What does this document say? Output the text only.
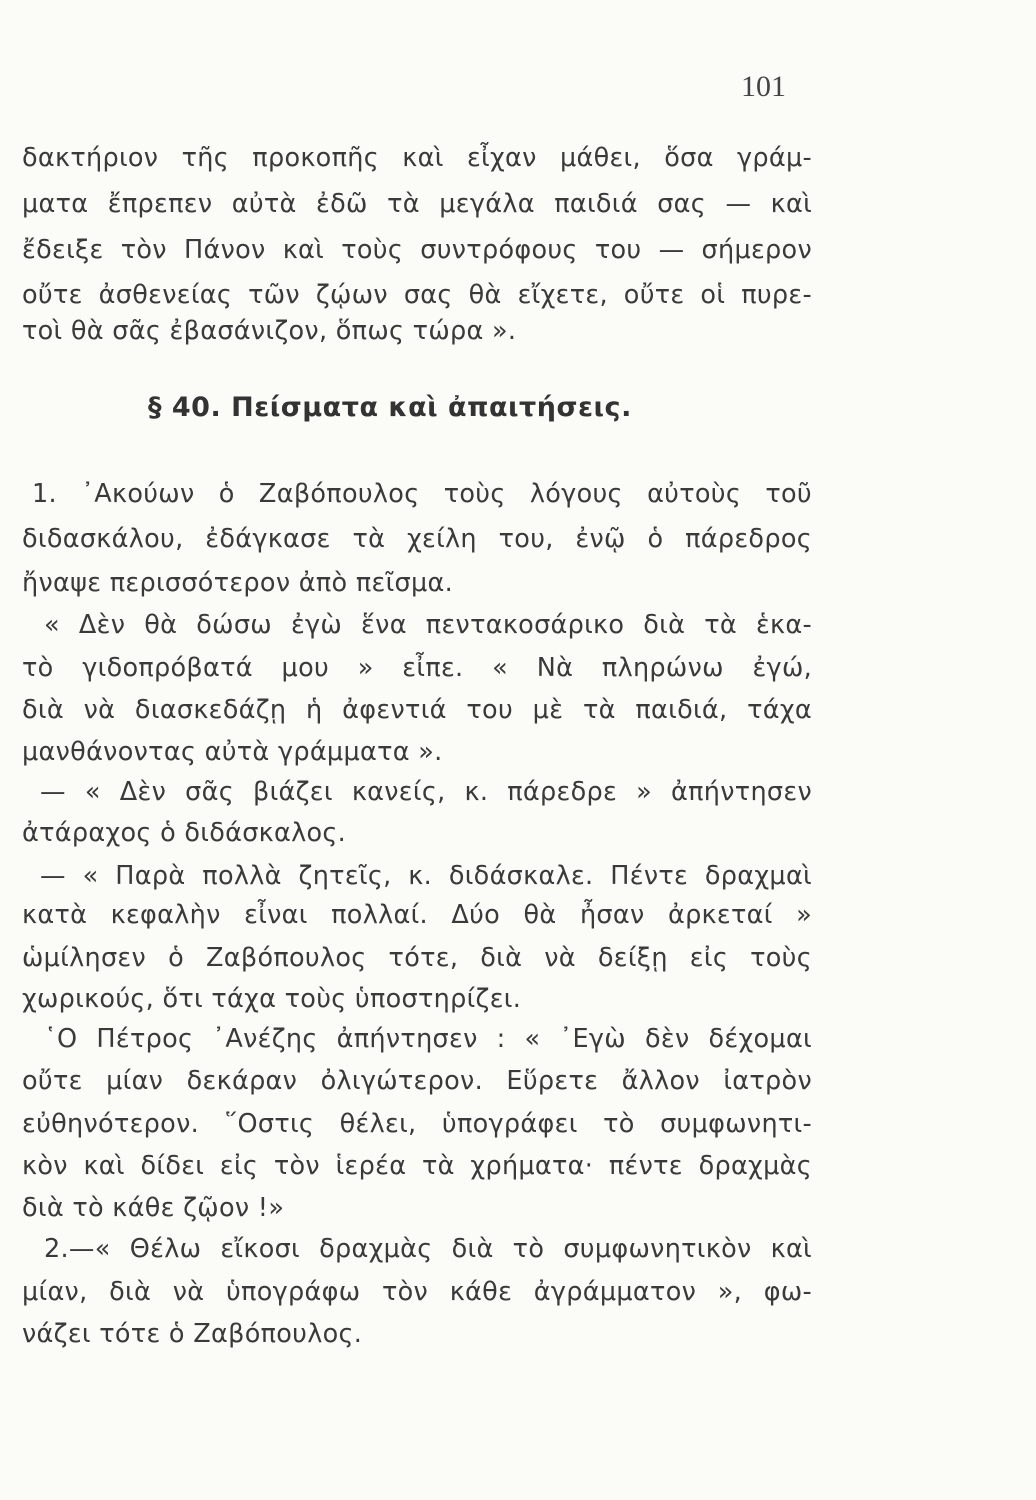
101
δακτήριον τῆς προκοπῆς καὶ εἶχαν μάθει, ὅσα γράμ-
ματα ἔπρεπεν αὐτὰ ἐδῶ τὰ μεγάλα παιδιά σας — καὶ
ἔδειξε τὸν Πάνον καὶ τοὺς συντρόφους του — σήμερον
οὔτε ἀσθενείας τῶν ζῴων σας θὰ εἴχετε, οὔτε οἱ πυρε-
τοὶ θὰ σᾶς ἐβασάνιζον, ὅπως τώρα ».
§ 40. Πείσματα καὶ ἀπαιτήσεις.
1. ᾿Ακούων ὁ Ζαβόπουλος τοὺς λόγους αὐτοὺς τοῦ
διδασκάλου, ἐδάγκασε τὰ χείλη του, ἐνῷ ὁ πάρεδρος
ἤναψε περισσότερον ἀπὸ πεῖσμα.
« Δὲν θὰ δώσω ἐγὼ ἕνα πεντακοσάρικο διὰ τὰ ἑκα-
τὸ γιδοπρόβατά μου » εἶπε. « Νὰ πληρώνω ἐγώ,
διὰ νὰ διασκεδάζῃ ἡ ἀφεντιά του μὲ τὰ παιδιά, τάχα
μανθάνοντας αὐτὰ γράμματα ».
— « Δὲν σᾶς βιάζει κανείς, κ. πάρεδρε » ἀπήντησεν
ἀτάραχος ὁ διδάσκαλος.
— « Παρὰ πολλὰ ζητεῖς, κ. διδάσκαλε. Πέντε δραχμαὶ
κατὰ κεφαλὴν εἶναι πολλαί. Δύο θὰ ἦσαν ἀρκεταί »
ὡμίλησεν ὁ Ζαβόπουλος τότε, διὰ νὰ δείξῃ εἰς τοὺς
χωρικούς, ὅτι τάχα τοὺς ὑποστηρίζει.
῾Ο Πέτρος ᾿Ανέζης ἀπήντησεν : « ᾿Εγὼ δὲν δέχομαι
οὔτε μίαν δεκάραν ὀλιγώτερον. Εὕρετε ἄλλον ἰατρὸν
εὐθηνότερον. ῞Οστις θέλει, ὑπογράφει τὸ συμφωνητι-
κὸν καὶ δίδει εἰς τὸν ἱερέα τὰ χρήματα· πέντε δραχμὰς
διὰ τὸ κάθε ζῷον !»
2.—« Θέλω εἴκοσι δραχμὰς διὰ τὸ συμφωνητικὸν καὶ
μίαν, διὰ νὰ ὑπογράφω τὸν κάθε ἀγράμματον », φω-
νάζει τότε ὁ Ζαβόπουλος.
